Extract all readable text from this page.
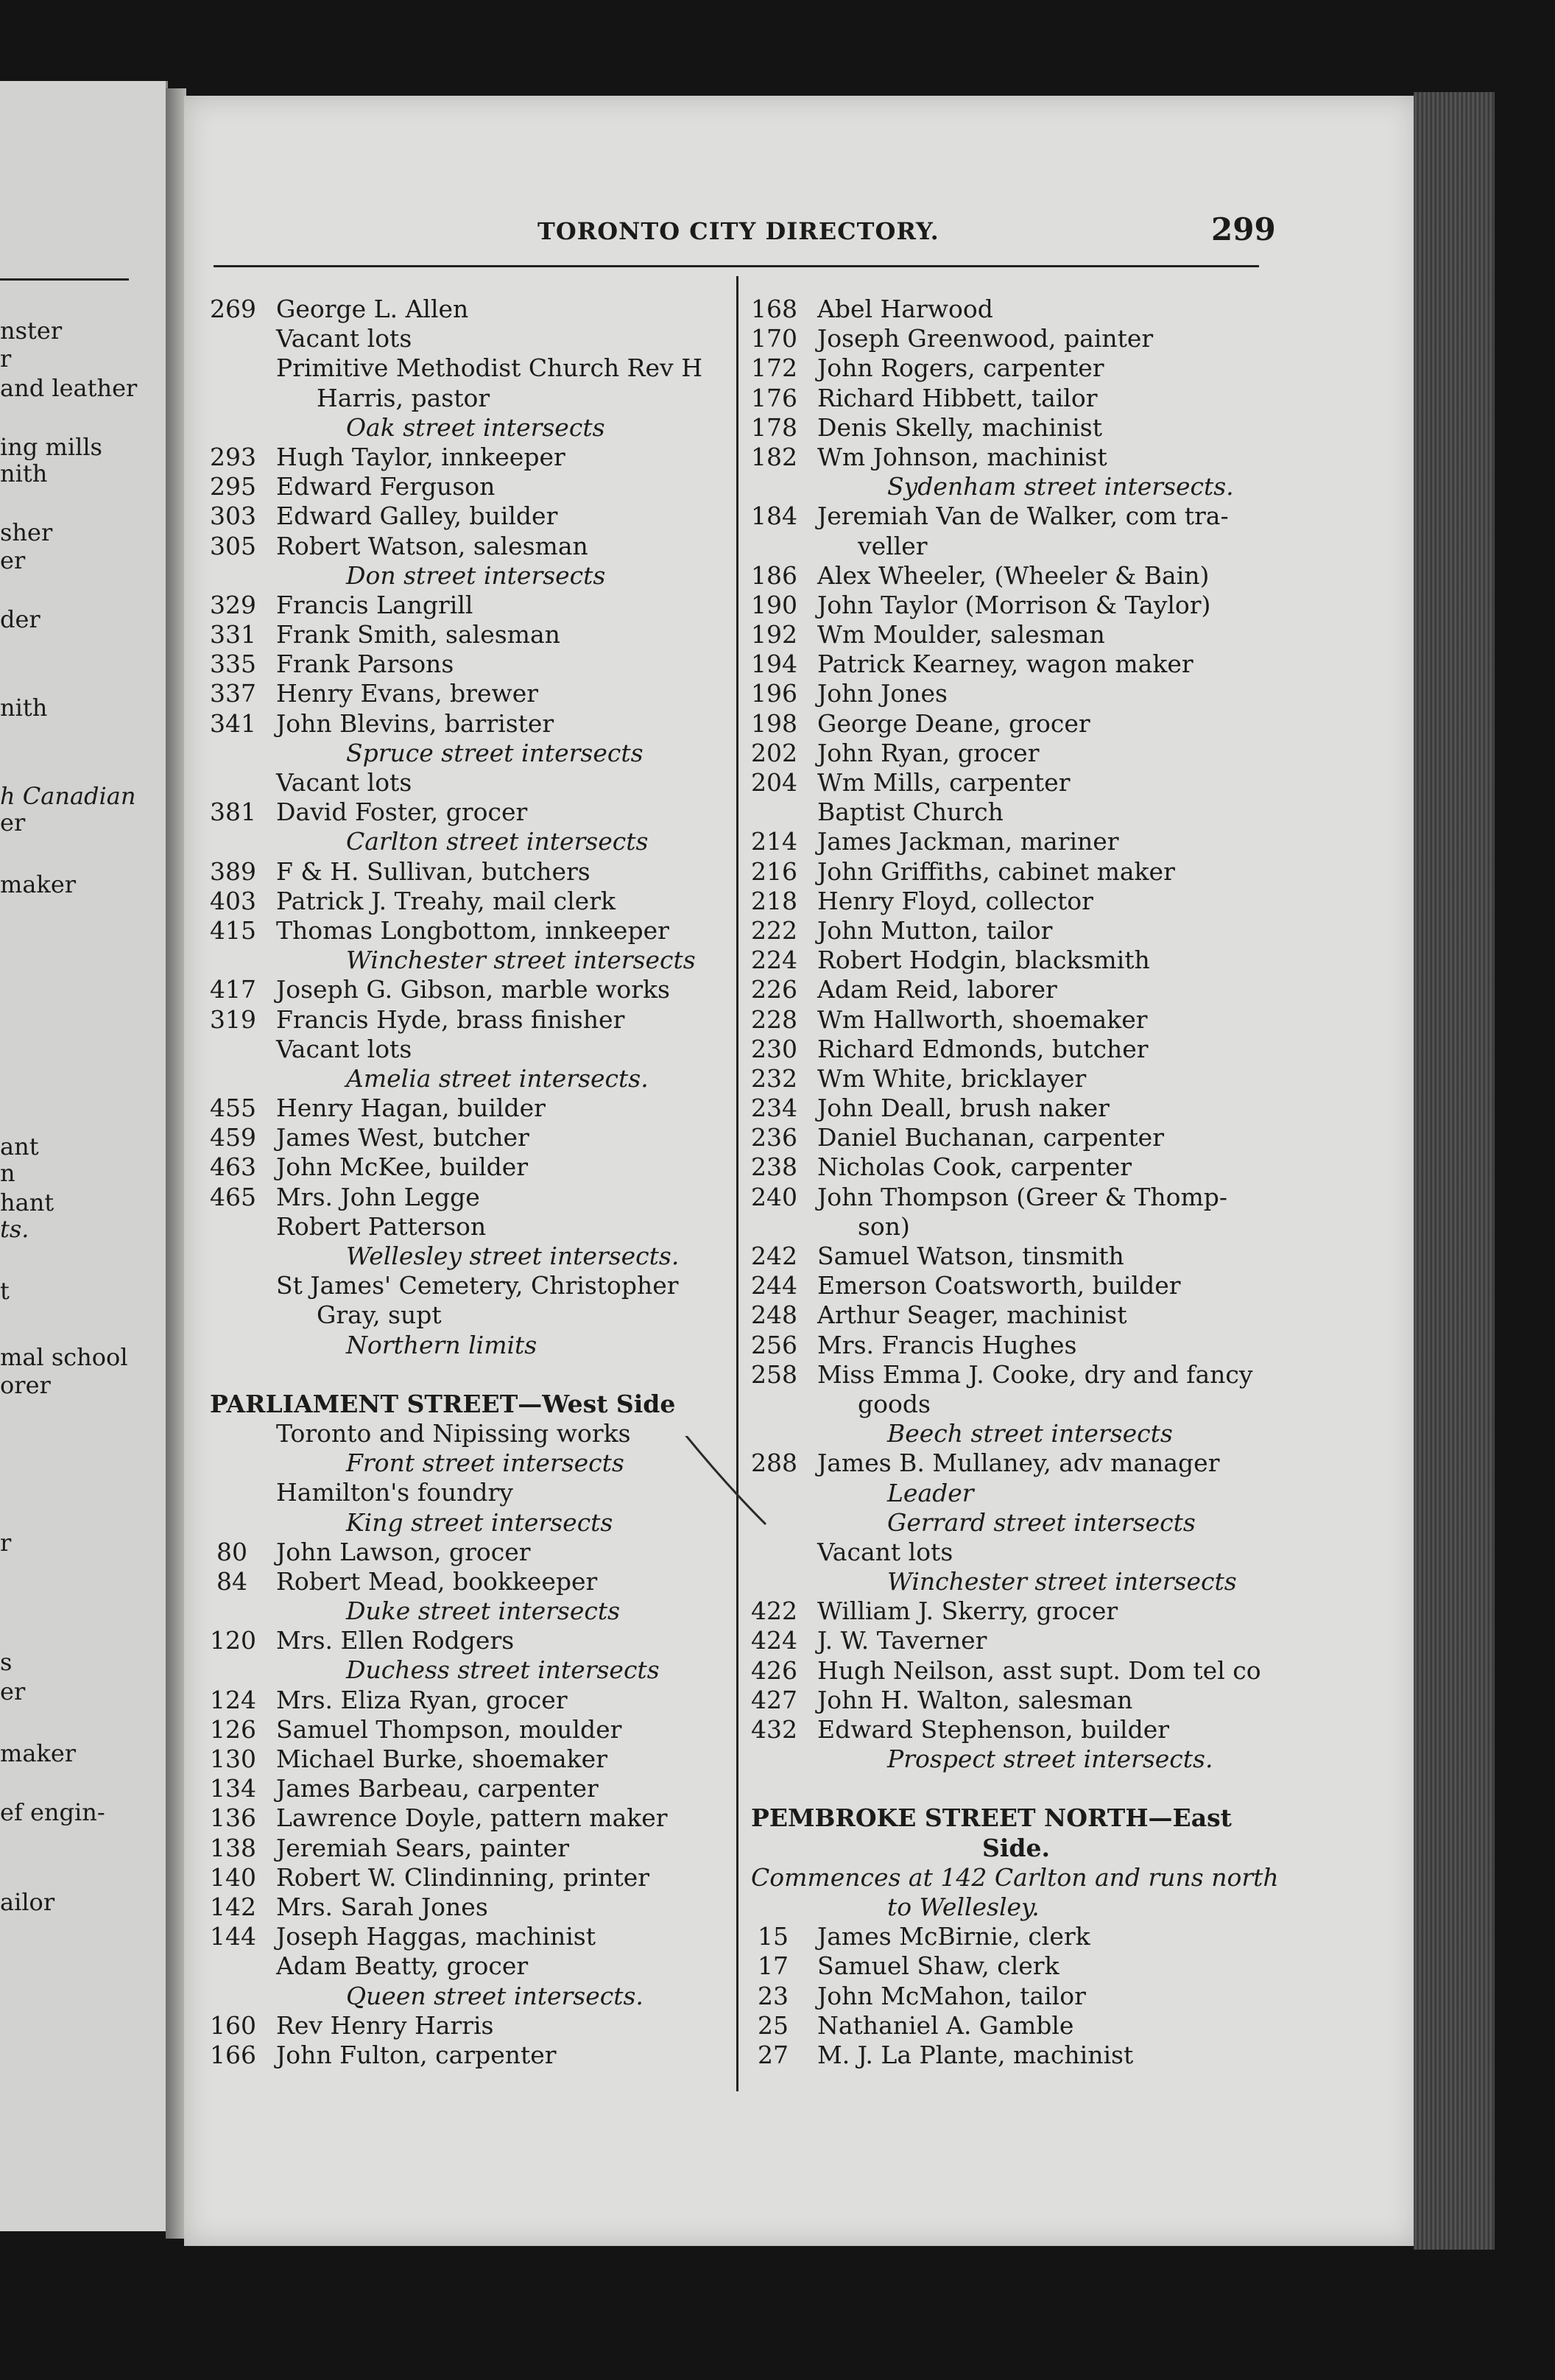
nster
r
and leather
ing mills
nith
sher
er
der
nith
h Canadian
er
maker
ant
n
hant
ts.
t
mal school
orer
r
s
er
maker
ef engin-
ailor
TORONTO CITY DIRECTORY.	299
269 George L. Allen
Vacant lots
Primitive Methodist Church Rev H
Harris, pastor
Oak street intersects
293 Hugh Taylor, innkeeper
295 Edward Ferguson
303 Edward Galley, builder
305 Robert Watson, salesman
Don street intersects
329 Francis Langrill
331 Frank Smith, salesman
335 Frank Parsons
337 Henry Evans, brewer
341 John Blevins, barrister
Spruce street intersects
Vacant lots
381 David Foster, grocer
Carlton street intersects
389 F & H. Sullivan, butchers
403 Patrick J. Treahy, mail clerk
415 Thomas Longbottom, innkeeper
Winchester street intersects
417 Joseph G. Gibson, marble works
319 Francis Hyde, brass finisher
Vacant lots
Amelia street intersects.
455 Henry Hagan, builder
459 James West, butcher
463 John McKee, builder
465 Mrs. John Legge
Robert Patterson
Wellesley street intersects.
St James' Cemetery, Christopher
Gray, supt
Northern limits
PARLIAMENT STREET—West Side
Toronto and Nipissing works
Front street intersects
Hamilton's foundry
King street intersects
80 John Lawson, grocer
84 Robert Mead, bookkeeper
Duke street intersects
120 Mrs. Ellen Rodgers
Duchess street intersects
124 Mrs. Eliza Ryan, grocer
126 Samuel Thompson, moulder
130 Michael Burke, shoemaker
134 James Barbeau, carpenter
136 Lawrence Doyle, pattern maker
138 Jeremiah Sears, painter
140 Robert W. Clindinning, printer
142 Mrs. Sarah Jones
144 Joseph Haggas, machinist
Adam Beatty, grocer
Queen street intersects.
160 Rev Henry Harris
166 John Fulton, carpenter
168 Abel Harwood
170 Joseph Greenwood, painter
172 John Rogers, carpenter
176 Richard Hibbett, tailor
178 Denis Skelly, machinist
182 Wm Johnson, machinist
Sydenham street intersects.
184 Jeremiah Van de Walker, com tra-
veller
186 Alex Wheeler, (Wheeler & Bain)
190 John Taylor (Morrison & Taylor)
192 Wm Moulder, salesman
194 Patrick Kearney, wagon maker
196 John Jones
198 George Deane, grocer
202 John Ryan, grocer
204 Wm Mills, carpenter
Baptist Church
214 James Jackman, mariner
216 John Griffiths, cabinet maker
218 Henry Floyd, collector
222 John Mutton, tailor
224 Robert Hodgin, blacksmith
226 Adam Reid, laborer
228 Wm Hallworth, shoemaker
230 Richard Edmonds, butcher
232 Wm White, bricklayer
234 John Deall, brush naker
236 Daniel Buchanan, carpenter
238 Nicholas Cook, carpenter
240 John Thompson (Greer & Thomp-
son)
242 Samuel Watson, tinsmith
244 Emerson Coatsworth, builder
248 Arthur Seager, machinist
256 Mrs. Francis Hughes
258 Miss Emma J. Cooke, dry and fancy
goods
Beech street intersects
288 James B. Mullaney, adv manager
Leader
Gerrard street intersects
Vacant lots
Winchester street intersects
422 William J. Skerry, grocer
424 J. W. Taverner
426 Hugh Neilson, asst supt. Dom tel co
427 John H. Walton, salesman
432 Edward Stephenson, builder
Prospect street intersects.
PEMBROKE STREET NORTH—East
Side.
Commences at 142 Carlton and runs north
to Wellesley.
15 James McBirnie, clerk
17 Samuel Shaw, clerk
23 John McMahon, tailor
25 Nathaniel A. Gamble
27 M. J. La Plante, machinist
